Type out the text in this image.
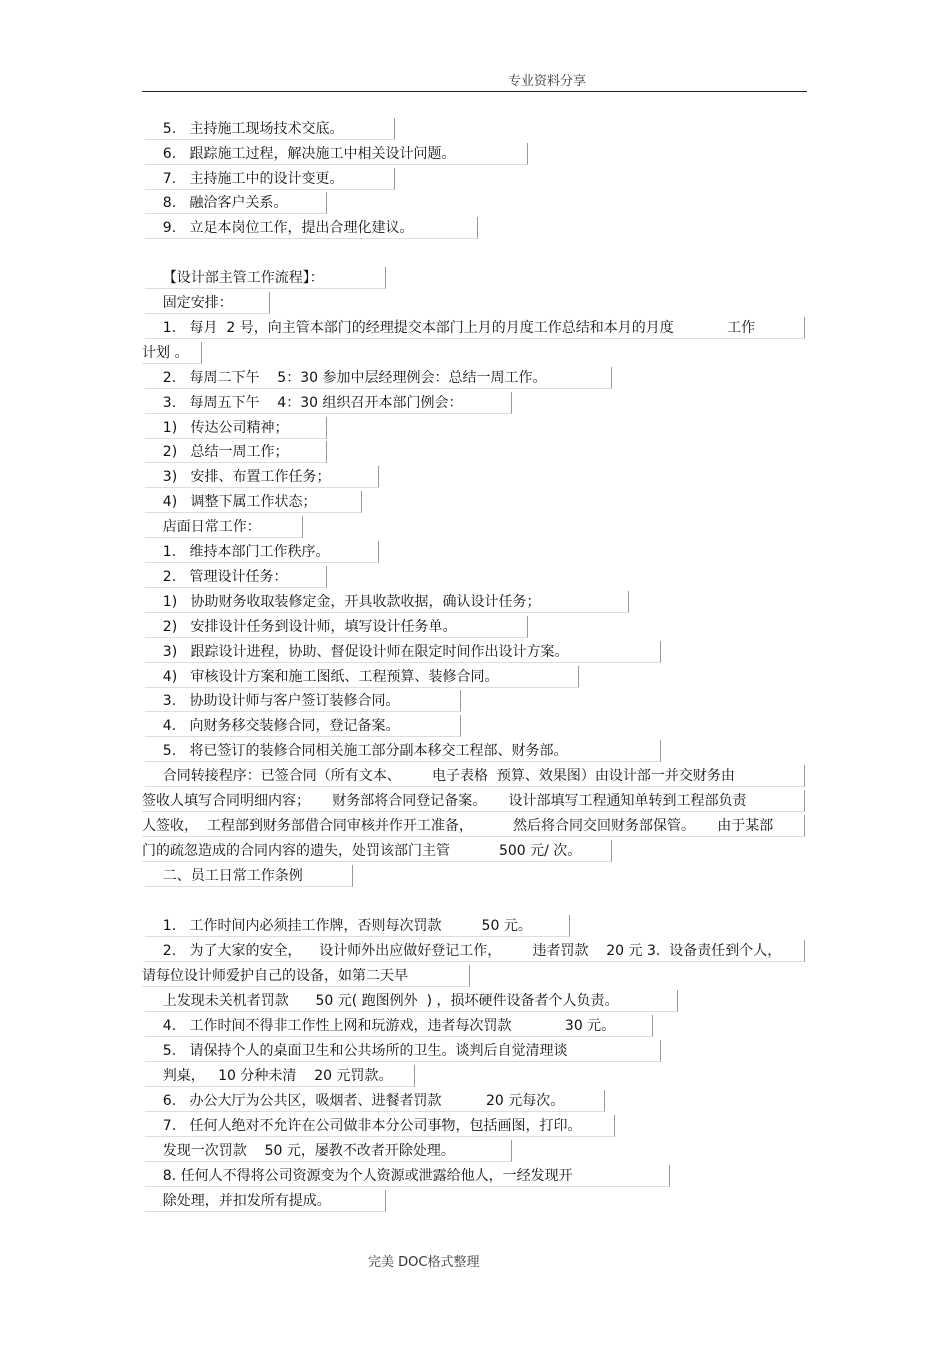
专业资料分享
5.   主持施工现场技术交底。
6.   跟踪施工过程，解决施工中相关设计问题。
7.   主持施工中的设计变更。
8.   融洽客户关系。
9.   立足本岗位工作，提出合理化建议。
【设计部主管工作流程】：
固定安排：
1.   每月  2 号，向主管本部门的经理提交本部门上月的月度工作总结和本月的月度            工作
计划 。
2.   每周二下午    5：30 参加中层经理例会：总结一周工作。
3.   每周五下午    4：30 组织召开本部门例会：
1)   传达公司精神；
2)   总结一周工作；
3)   安排、布置工作任务；
4)   调整下属工作状态；
店面日常工作：
1.   维持本部门工作秩序。
2.   管理设计任务：
1)   协助财务收取装修定金，开具收款收据，确认设计任务；
2)   安排设计任务到设计师，填写设计任务单。
3)   跟踪设计进程，协助、督促设计师在限定时间作出设计方案。
4)   审核设计方案和施工图纸、工程预算、装修合同。
3.   协助设计师与客户签订装修合同。
4.   向财务移交装修合同，登记备案。
5.   将已签订的装修合同相关施工部分副本移交工程部、财务部。
合同转接程序：已签合同（所有文本、       电子表格  预算、效果图）由设计部一并交财务由
签收人填写合同明细内容；     财务部将合同登记备案。     设计部填写工程通知单转到工程部负责
人签收，  工程部到财务部借合同审核并作开工准备，         然后将合同交回财务部保管。     由于某部
门的疏忽造成的合同内容的遗失，处罚该部门主管           500 元/ 次。
二、员工日常工作条例
1.   工作时间内必须挂工作牌，否则每次罚款         50 元。
2.   为了大家的安全，    设计师外出应做好登记工作，       违者罚款    20 元 3.  设备责任到个人，
请每位设计师爱护自己的设备，如第二天早
上发现未关机者罚款      50 元( 跑图例外  ) ，损坏硬件设备者个人负责。
4.   工作时间不得非工作性上网和玩游戏，违者每次罚款            30 元。
5.   请保持个人的桌面卫生和公共场所的卫生。谈判后自觉清理谈
判桌，   10 分种未清    20 元罚款。
6.   办公大厅为公共区，吸烟者、进餐者罚款          20 元每次。
7.   任何人绝对不允许在公司做非本分公司事物，包括画图，打印。
发现一次罚款    50 元，屡教不改者开除处理。
8. 任何人不得将公司资源变为个人资源或泄露给他人，一经发现开
除处理，并扣发所有提成。
完美 DOC格式整理
